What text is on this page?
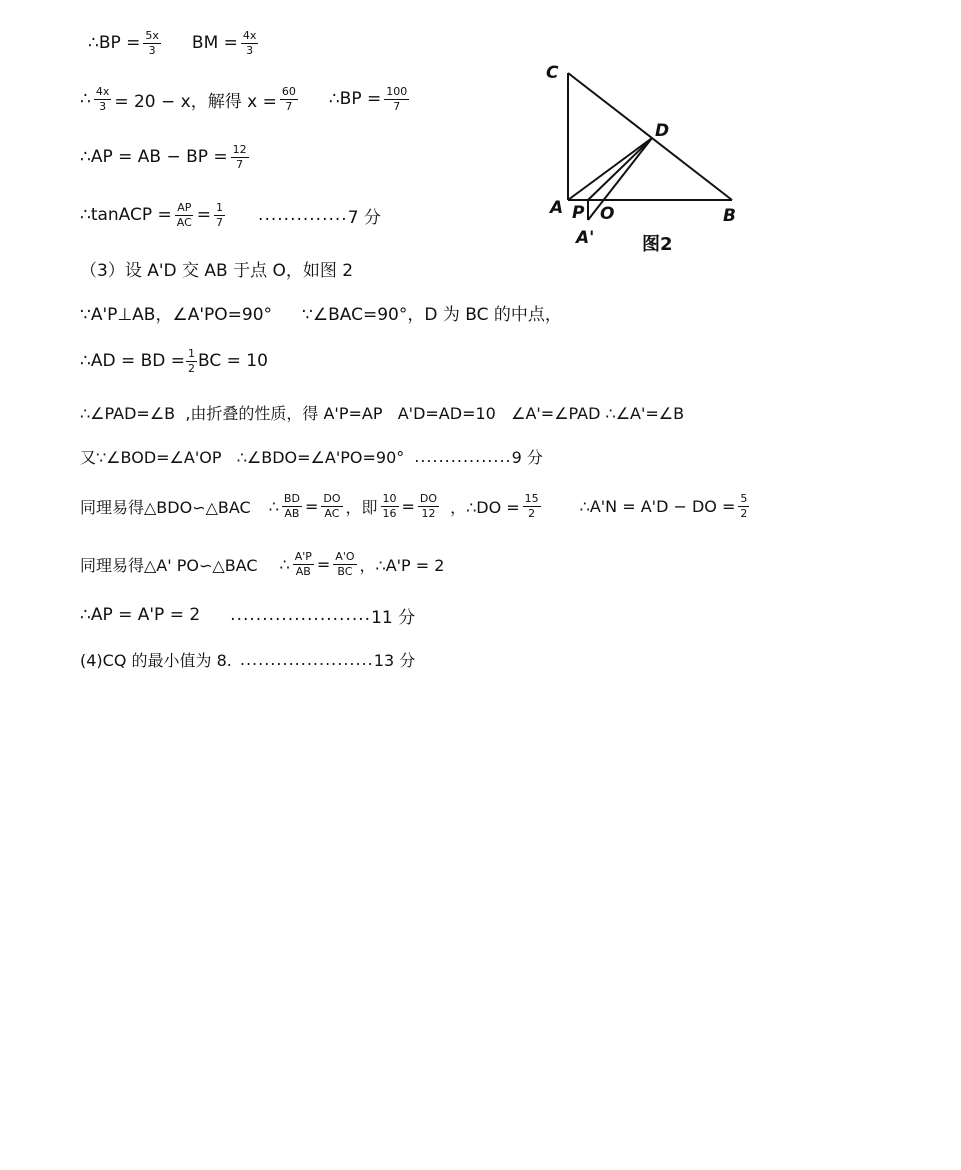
∴BP = $\frac{5x}{3}$ BM = $\frac{4x}{3}$
∴ $\frac{4x}{3} = 20 - x$，解得 $x = \frac{60}{7}$ ∴BP = $\frac{100}{7}$
∴AP = AB − BP = $\frac{12}{7}$
∴tanACP = $\frac{AP}{AC} = \frac{1}{7}$ .............. 7 分
（3）设 A'D 交 AB 于点 O，如图 2
∵A'P⊥AB，∠A'PO=90° ∵∠BAC=90°，D 为 BC 的中点，
∴AD = BD = $\frac{1}{2}$ BC = 10
∴∠PAD=∠B  ,由折叠的性质，得 A'P=AP   A'D=AD=10   ∠A'=∠PAD ∴∠A'=∠B
又∵∠BOD=∠A'OP   ∴∠BDO=∠A'PO=90° ................ 9 分
同理易得△BDO∽△BAC ∴ $\frac{BD}{AB} = \frac{DO}{AC}$ ，即 $\frac{10}{16} = \frac{DO}{12}$ ，∴DO = $\frac{15}{2}$ ∴A'N = A'D − DO = $\frac{5}{2}$
同理易得△A' PO∽△BAC ∴ $\frac{A'P}{AB} = \frac{A'O}{BC}$ ，∴A'P = 2
∴AP = A'P = 2 ...................... 11 分
(4)CQ 的最小值为 8. ...................... 13 分
C
D
A P O	B
A'	图2
